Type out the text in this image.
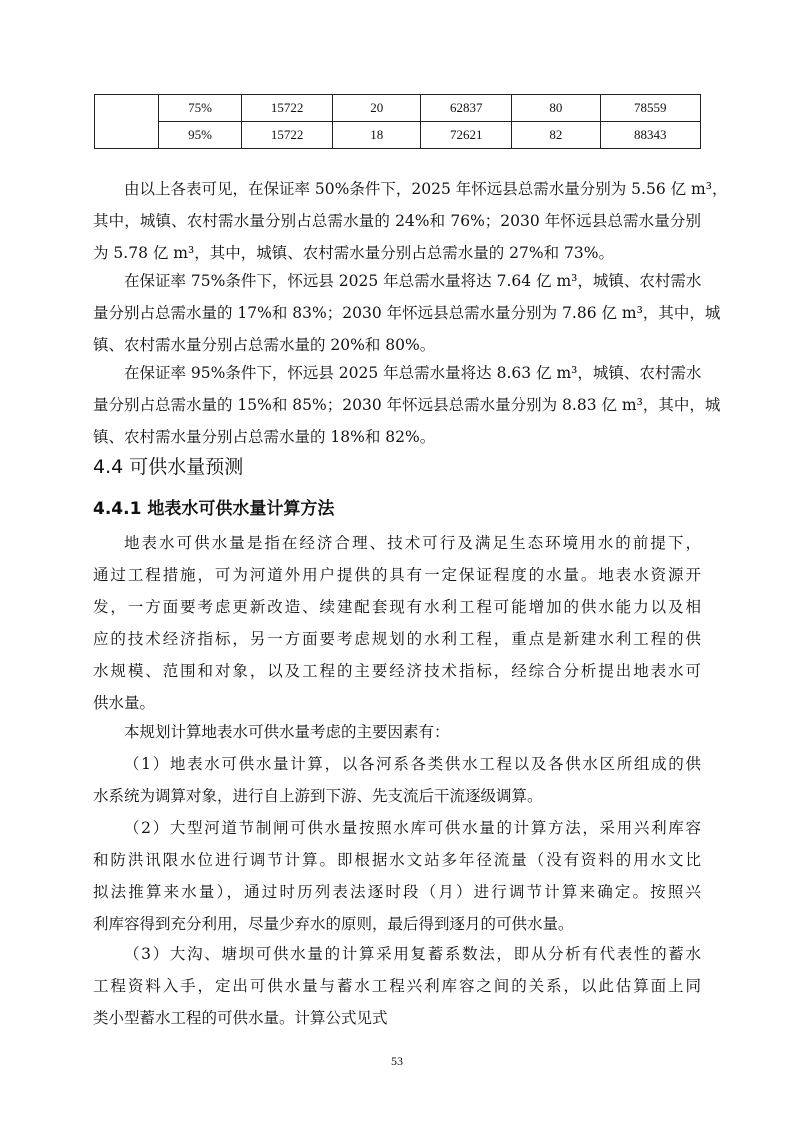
	75%	15722	20	62837	80	78559
	95%	15722	18	72621	82	88343
由以上各表可见，在保证率 50%条件下，2025 年怀远县总需水量分别为 5.56 亿 m³，
其中，城镇、农村需水量分别占总需水量的 24%和 76%；2030 年怀远县总需水量分别
为 5.78 亿 m³，其中，城镇、农村需水量分别占总需水量的 27%和 73%。
在保证率 75%条件下，怀远县 2025 年总需水量将达 7.64 亿 m³，城镇、农村需水
量分别占总需水量的 17%和 83%；2030 年怀远县总需水量分别为 7.86 亿 m³，其中，城
镇、农村需水量分别占总需水量的 20%和 80%。
在保证率 95%条件下，怀远县 2025 年总需水量将达 8.63 亿 m³，城镇、农村需水
量分别占总需水量的 15%和 85%；2030 年怀远县总需水量分别为 8.83 亿 m³，其中，城
镇、农村需水量分别占总需水量的 18%和 82%。
4.4 可供水量预测
4.4.1 地表水可供水量计算方法
地表水可供水量是指在经济合理、技术可行及满足生态环境用水的前提下，
通过工程措施，可为河道外用户提供的具有一定保证程度的水量。地表水资源开
发，一方面要考虑更新改造、续建配套现有水利工程可能增加的供水能力以及相
应的技术经济指标，另一方面要考虑规划的水利工程，重点是新建水利工程的供
水规模、范围和对象，以及工程的主要经济技术指标，经综合分析提出地表水可
供水量。
本规划计算地表水可供水量考虑的主要因素有：
（1）地表水可供水量计算，以各河系各类供水工程以及各供水区所组成的供
水系统为调算对象，进行自上游到下游、先支流后干流逐级调算。
（2）大型河道节制闸可供水量按照水库可供水量的计算方法，采用兴利库容
和防洪讯限水位进行调节计算。即根据水文站多年径流量（没有资料的用水文比
拟法推算来水量），通过时历列表法逐时段（月）进行调节计算来确定。按照兴
利库容得到充分利用，尽量少弃水的原则，最后得到逐月的可供水量。
（3）大沟、塘坝可供水量的计算采用复蓄系数法，即从分析有代表性的蓄水
工程资料入手，定出可供水量与蓄水工程兴利库容之间的关系，以此估算面上同
类小型蓄水工程的可供水量。计算公式见式
53
